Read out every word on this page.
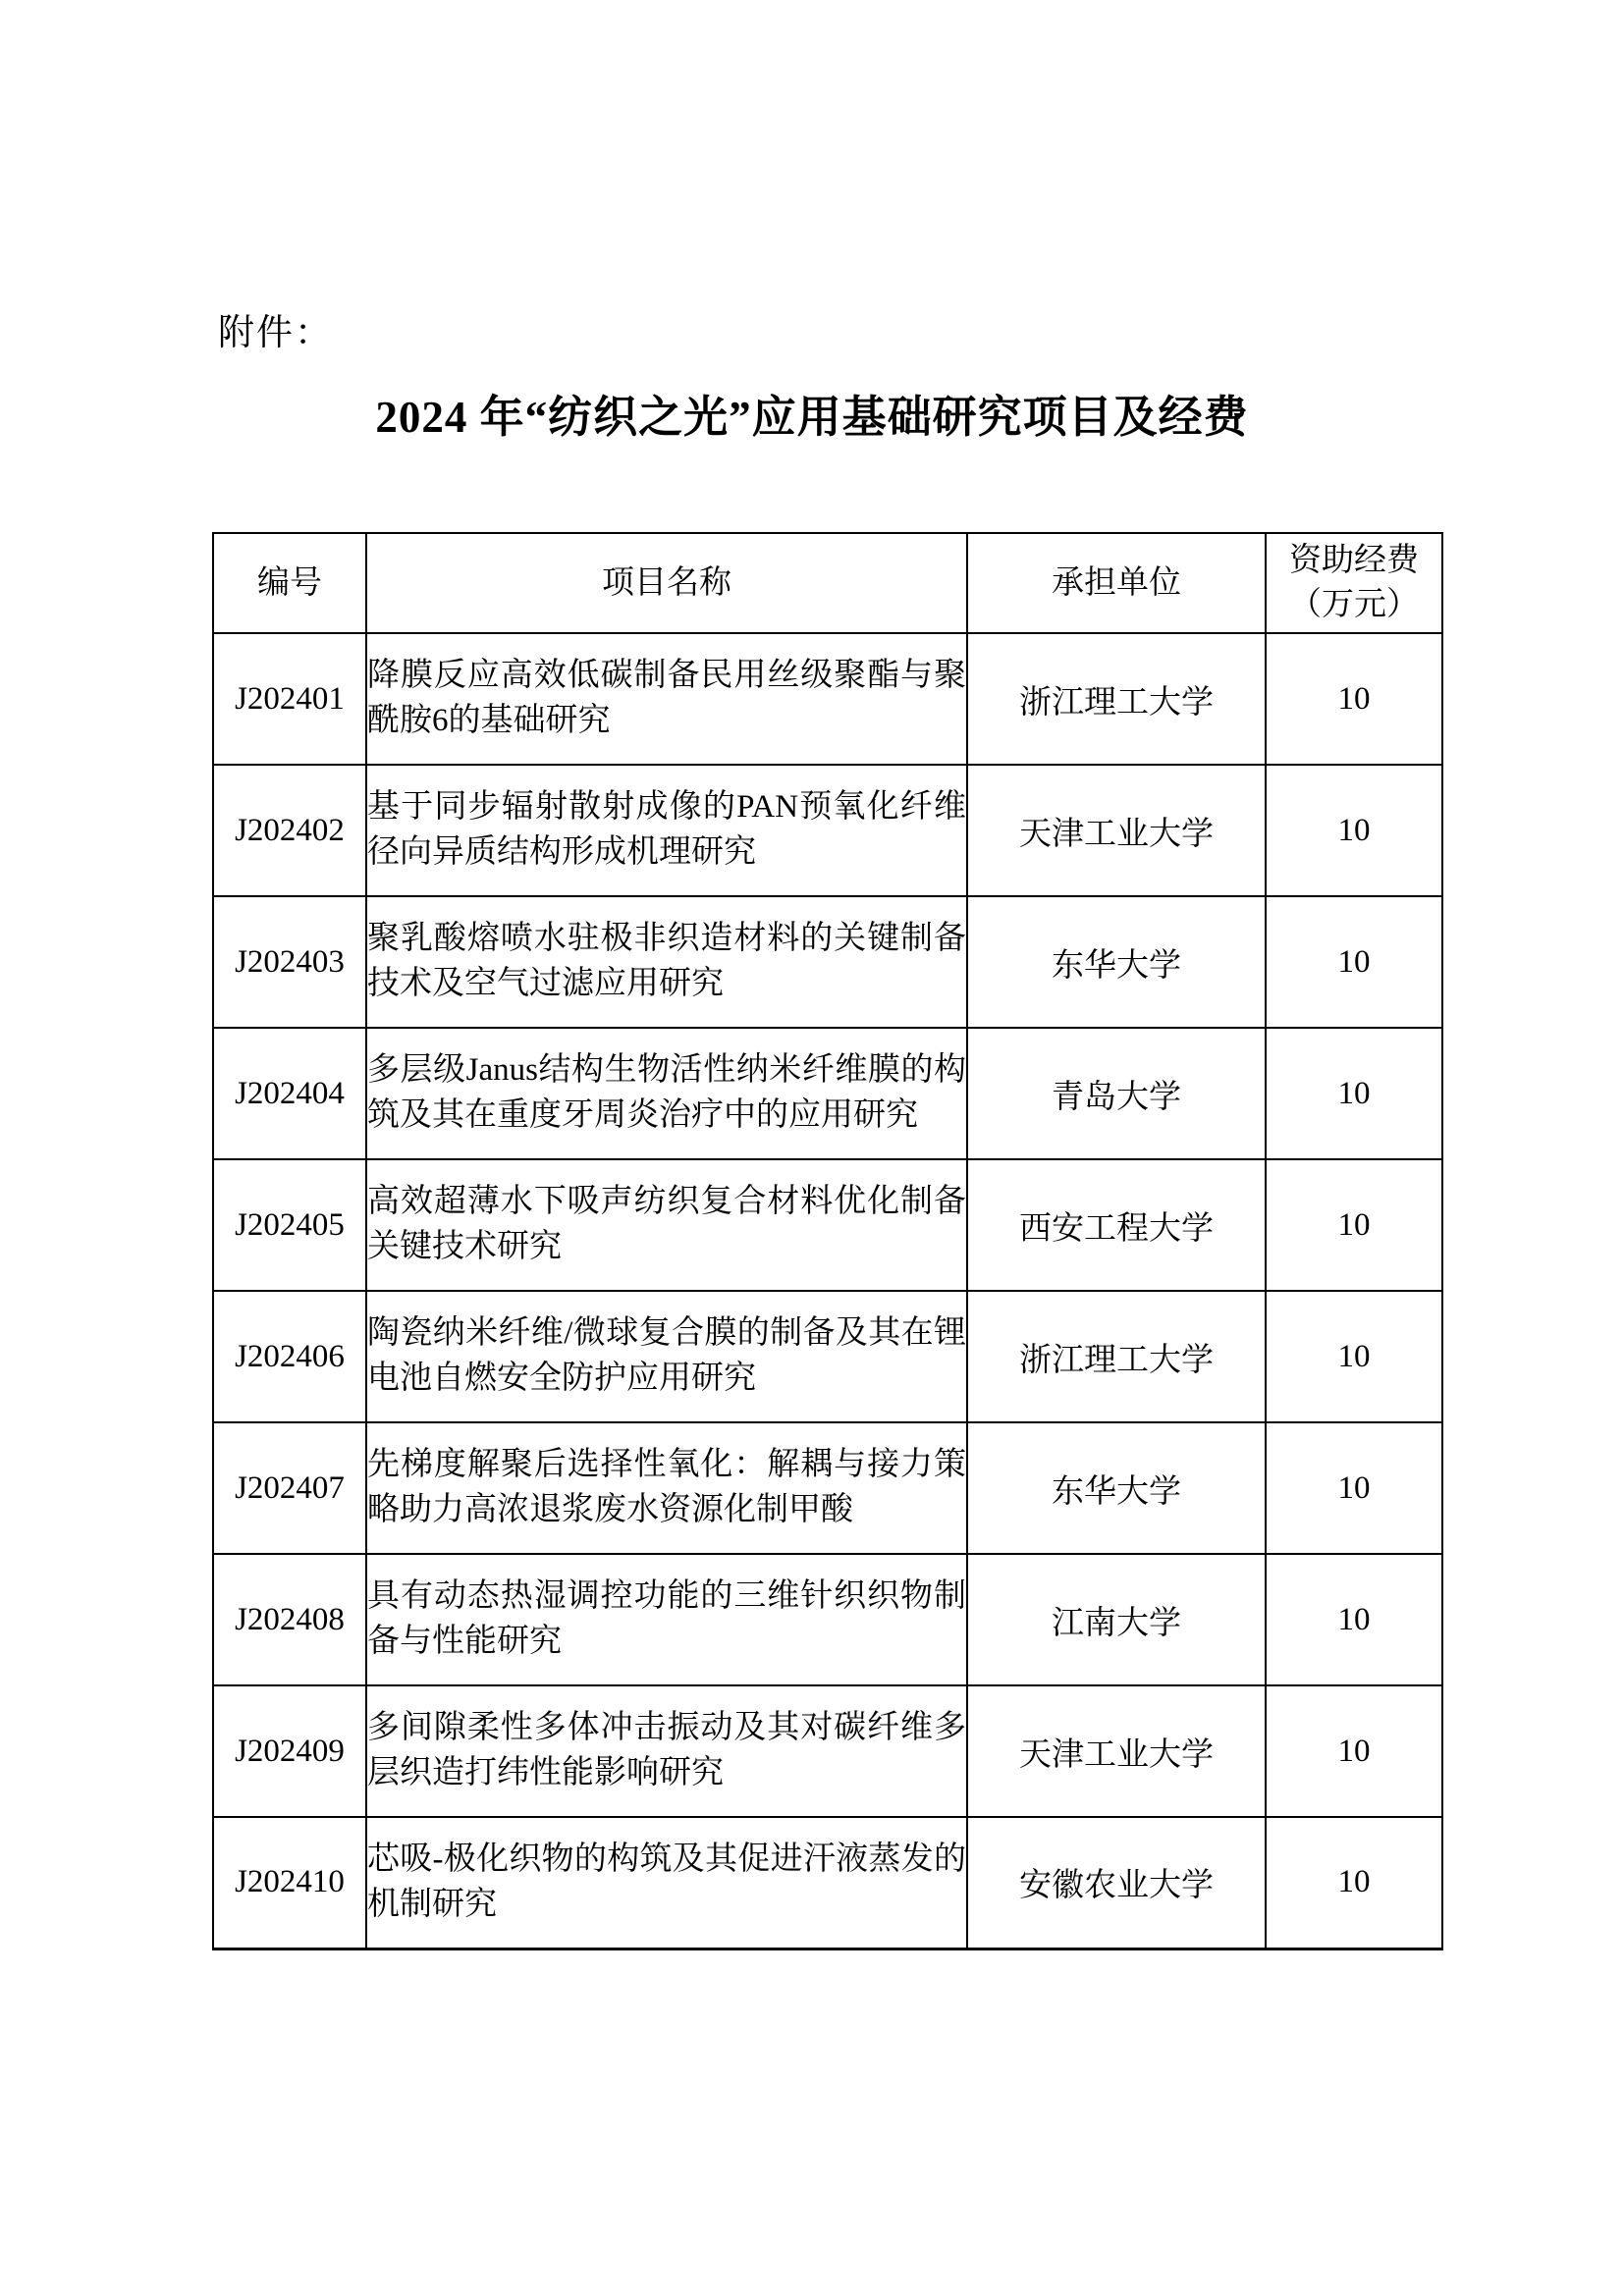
附件：
2024 年“纺织之光”应用基础研究项目及经费
编号	项目名称	承担单位	资助经费
（万元）

J202401	降膜反应高效低碳制备民用丝级聚酯与聚酰胺6的基础研究	浙江理工大学	10
J202402	基于同步辐射散射成像的PAN预氧化纤维径向异质结构形成机理研究	天津工业大学	10
J202403	聚乳酸熔喷水驻极非织造材料的关键制备技术及空气过滤应用研究	东华大学	10
J202404	多层级Janus结构生物活性纳米纤维膜的构筑及其在重度牙周炎治疗中的应用研究	青岛大学	10
J202405	高效超薄水下吸声纺织复合材料优化制备关键技术研究	西安工程大学	10
J202406	陶瓷纳米纤维/微球复合膜的制备及其在锂电池自燃安全防护应用研究	浙江理工大学	10
J202407	先梯度解聚后选择性氧化：解耦与接力策略助力高浓退浆废水资源化制甲酸	东华大学	10
J202408	具有动态热湿调控功能的三维针织织物制备与性能研究	江南大学	10
J202409	多间隙柔性多体冲击振动及其对碳纤维多层织造打纬性能影响研究	天津工业大学	10
J202410	芯吸-极化织物的构筑及其促进汗液蒸发的机制研究	安徽农业大学	10
